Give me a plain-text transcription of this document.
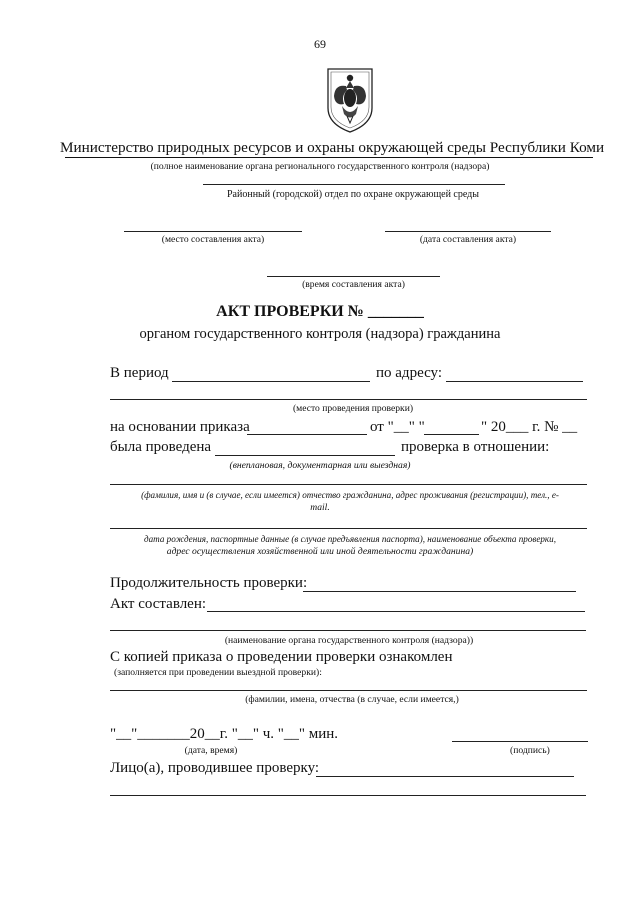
69
Министерство природных ресурсов и охраны окружающей среды Республики Коми
(полное наименование органа регионального государственного контроля (надзора)
Районный (городской) отдел по охране окружающей среды
(место составления акта)	(дата составления акта)
(время составления акта)
АКТ ПРОВЕРКИ № _______
органом государственного контроля (надзора) гражданина
В период	по адресу:
(место проведения проверки)
на основании приказа	от "__" "	" 20___ г. № __
была проведена	проверка в отношении:
(внеплановая, документарная или выездная)
(фамилия, имя и (в случае, если имеется) отчество гражданина, адрес проживания (регистрации), тел., е-
mail.
дата рождения, паспортные данные (в случае предъявления паспорта), наименование объекта проверки,
адрес осуществления хозяйственной или иной деятельности гражданина)
Продолжительность проверки:
Акт составлен:
(наименование органа государственного контроля (надзора))
С копией приказа о проведении проверки ознакомлен
(заполняется при проведении выездной проверки):
(фамилии, имена, отчества (в случае, если имеется,)
"__"_______20__г. "__" ч. "__" мин.
(дата, время)	(подпись)
Лицо(а), проводившее проверку:
